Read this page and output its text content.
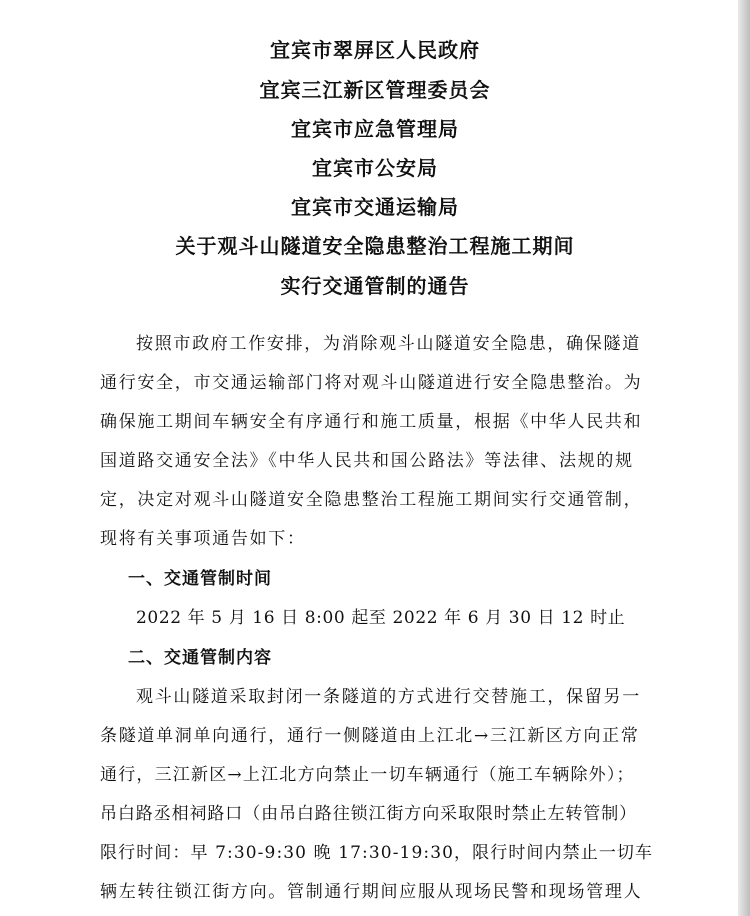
宜宾市翠屏区人民政府
宜宾三江新区管理委员会
宜宾市应急管理局
宜宾市公安局
宜宾市交通运输局
关于观斗山隧道安全隐患整治工程施工期间
实行交通管制的通告
按照市政府工作安排，为消除观斗山隧道安全隐患，确保隧道
通行安全，市交通运输部门将对观斗山隧道进行安全隐患整治。为
确保施工期间车辆安全有序通行和施工质量，根据《中华人民共和
国道路交通安全法》《中华人民共和国公路法》等法律、法规的规
定，决定对观斗山隧道安全隐患整治工程施工期间实行交通管制，
现将有关事项通告如下：
一、交通管制时间
2022 年 5 月 16 日 8:00 起至 2022 年 6 月 30 日 12 时止
二、交通管制内容
观斗山隧道采取封闭一条隧道的方式进行交替施工，保留另一
条隧道单洞单向通行，通行一侧隧道由上江北→三江新区方向正常
通行，三江新区→上江北方向禁止一切车辆通行（施工车辆除外）；
吊白路丞相祠路口（由吊白路往锁江街方向采取限时禁止左转管制）
限行时间：早 7:30-9:30 晚 17:30-19:30，限行时间内禁止一切车
辆左转往锁江街方向。管制通行期间应服从现场民警和现场管理人
